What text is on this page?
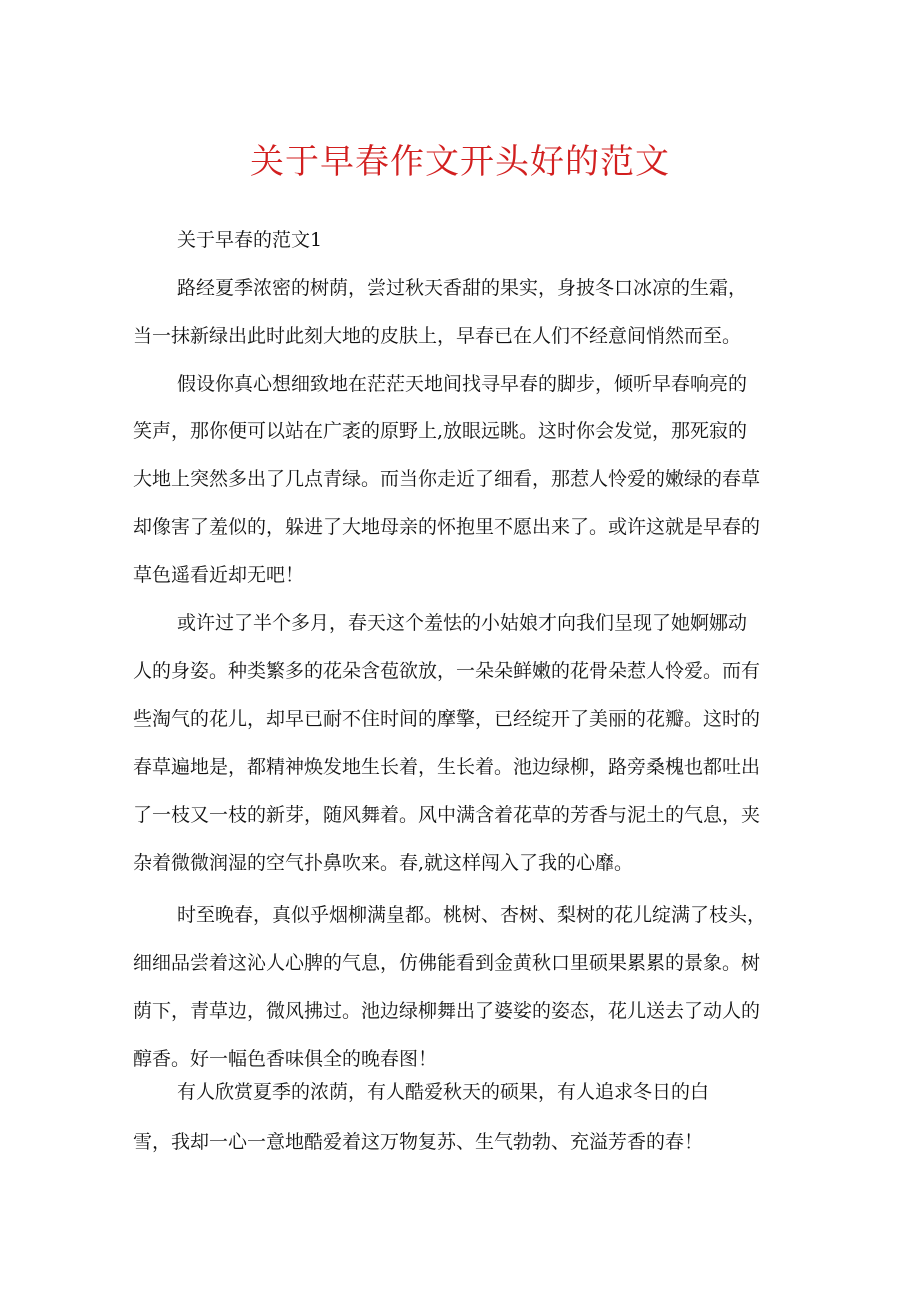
关于早春作文开头好的范文

关于早春的范文1

路经夏季浓密的树荫，尝过秋天香甜的果实，身披冬口冰凉的生霜，

当一抹新绿出此时此刻大地的皮肤上，早春已在人们不经意间悄然而至。

假设你真心想细致地在茫茫天地间找寻早春的脚步，倾听早春响亮的

笑声，那你便可以站在广袤的原野上,放眼远眺。这时你会发觉，那死寂的

大地上突然多出了几点青绿。而当你走近了细看，那惹人怜爱的嫩绿的春草

却像害了羞似的，躲进了大地母亲的怀抱里不愿出来了。或许这就是早春的

草色遥看近却无吧！

或许过了半个多月，春天这个羞怯的小姑娘才向我们呈现了她婀娜动

人的身姿。种类繁多的花朵含苞欲放，一朵朵鲜嫩的花骨朵惹人怜爱。而有

些淘气的花儿，却早已耐不住时间的摩擎，已经绽开了美丽的花瓣。这时的

春草遍地是，都精神焕发地生长着，生长着。池边绿柳，路旁桑槐也都吐出

了一枝又一枝的新芽，随风舞着。风中满含着花草的芳香与泥土的气息，夹

杂着微微润湿的空气扑鼻吹来。春,就这样闯入了我的心靡。

时至晚春，真似乎烟柳满皇都。桃树、杏树、梨树的花儿绽满了枝头，

细细品尝着这沁人心脾的气息，仿佛能看到金黄秋口里硕果累累的景象。树

荫下，青草边，微风拂过。池边绿柳舞出了婆娑的姿态，花儿送去了动人的

醇香。好一幅色香味俱全的晚春图！

有人欣赏夏季的浓荫，有人酷爱秋天的硕果，有人追求冬日的白

雪，我却一心一意地酷爱着这万物复苏、生气勃勃、充溢芳香的春！
